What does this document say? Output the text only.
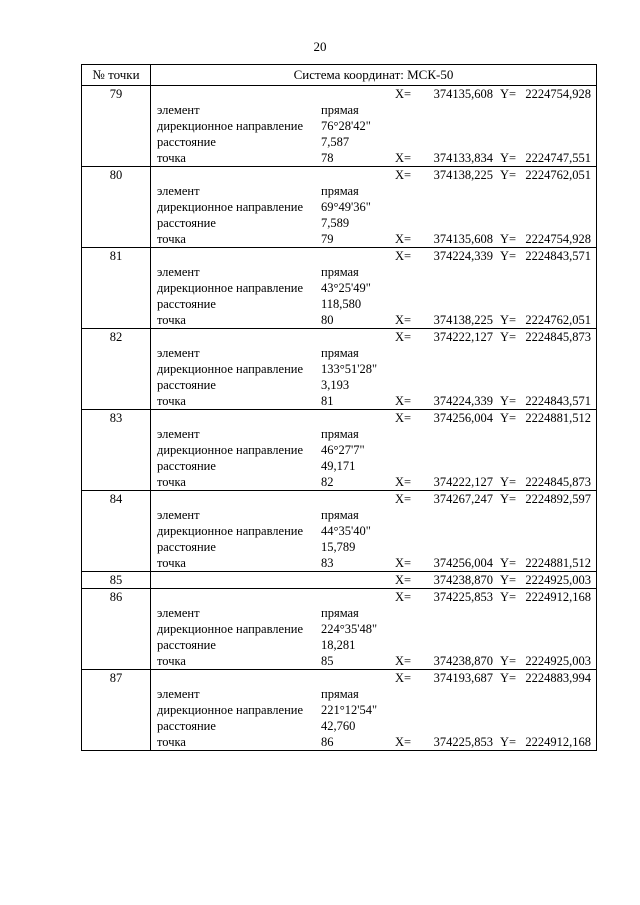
20
№ точки	Система координат: МСК-50
79	X=	374135,608 Y= 2224754,928
элемент	прямая
дирекционное направление 76°28'42"
расстояние	7,587
точка	78	X=	374133,834 Y= 2224747,551
80	X=	374138,225 Y= 2224762,051
элемент	прямая
дирекционное направление 69°49'36"
расстояние	7,589
точка	79	X=	374135,608 Y= 2224754,928
81	X=	374224,339 Y= 2224843,571
элемент	прямая
дирекционное направление 43°25'49"
расстояние	118,580
точка	80	X=	374138,225 Y= 2224762,051
82	X=	374222,127 Y= 2224845,873
элемент	прямая
дирекционное направление 133°51'28"
расстояние	3,193
точка	81	X=	374224,339 Y= 2224843,571
83	X=	374256,004 Y= 2224881,512
элемент	прямая
дирекционное направление 46°27'7"
расстояние	49,171
точка	82	X=	374222,127 Y= 2224845,873
84	X=	374267,247 Y= 2224892,597
элемент	прямая
дирекционное направление 44°35'40"
расстояние	15,789
точка	83	X=	374256,004 Y= 2224881,512
85	X=	374238,870 Y= 2224925,003
86	X=	374225,853 Y= 2224912,168
элемент	прямая
дирекционное направление 224°35'48"
расстояние	18,281
точка	85	X=	374238,870 Y= 2224925,003
87	X=	374193,687 Y= 2224883,994
элемент	прямая
дирекционное направление 221°12'54"
расстояние	42,760
точка	86	X=	374225,853 Y= 2224912,168
